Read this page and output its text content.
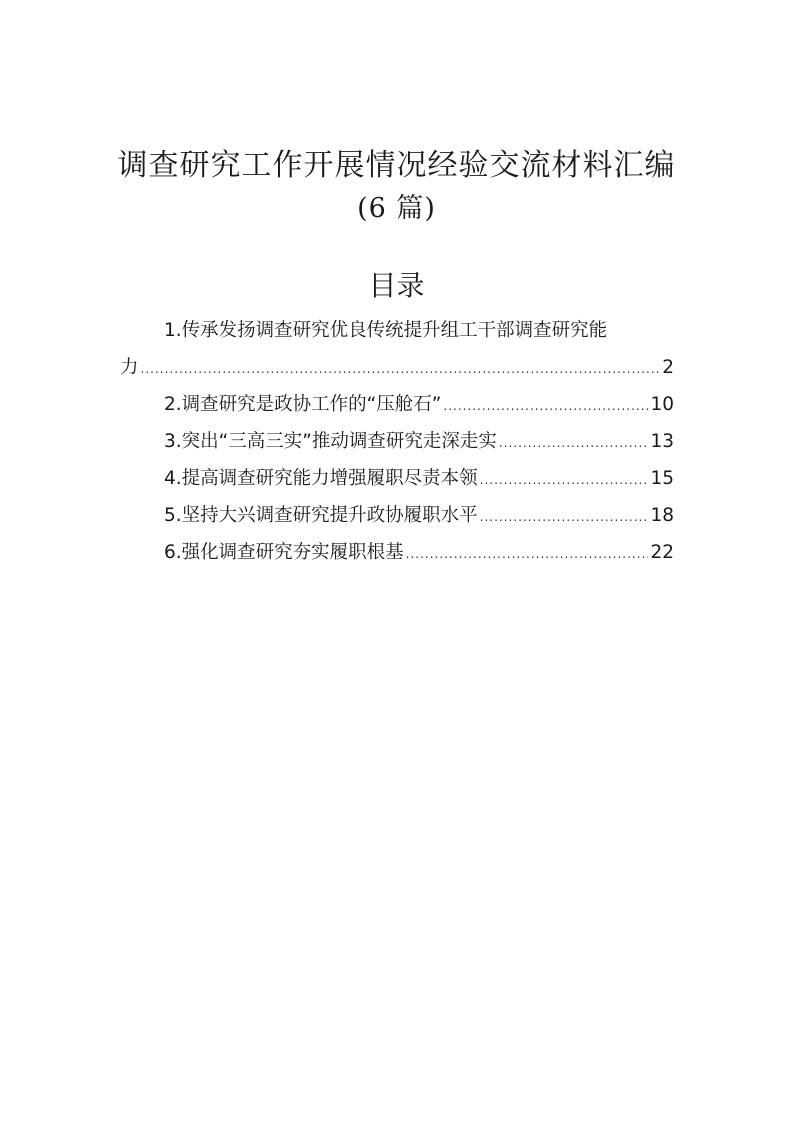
调查研究工作开展情况经验交流材料汇编
(6 篇)
目录
1.传承发扬调查研究优良传统提升组工干部调查研究能
力 .....	2
2.调查研究是政协工作的“压舱石” .....	10
3.突出“三高三实”推动调查研究走深走实 .....	13
4.提高调查研究能力增强履职尽责本领 .....	15
5.坚持大兴调查研究提升政协履职水平 .....	18
6.强化调查研究夯实履职根基 .....	22
